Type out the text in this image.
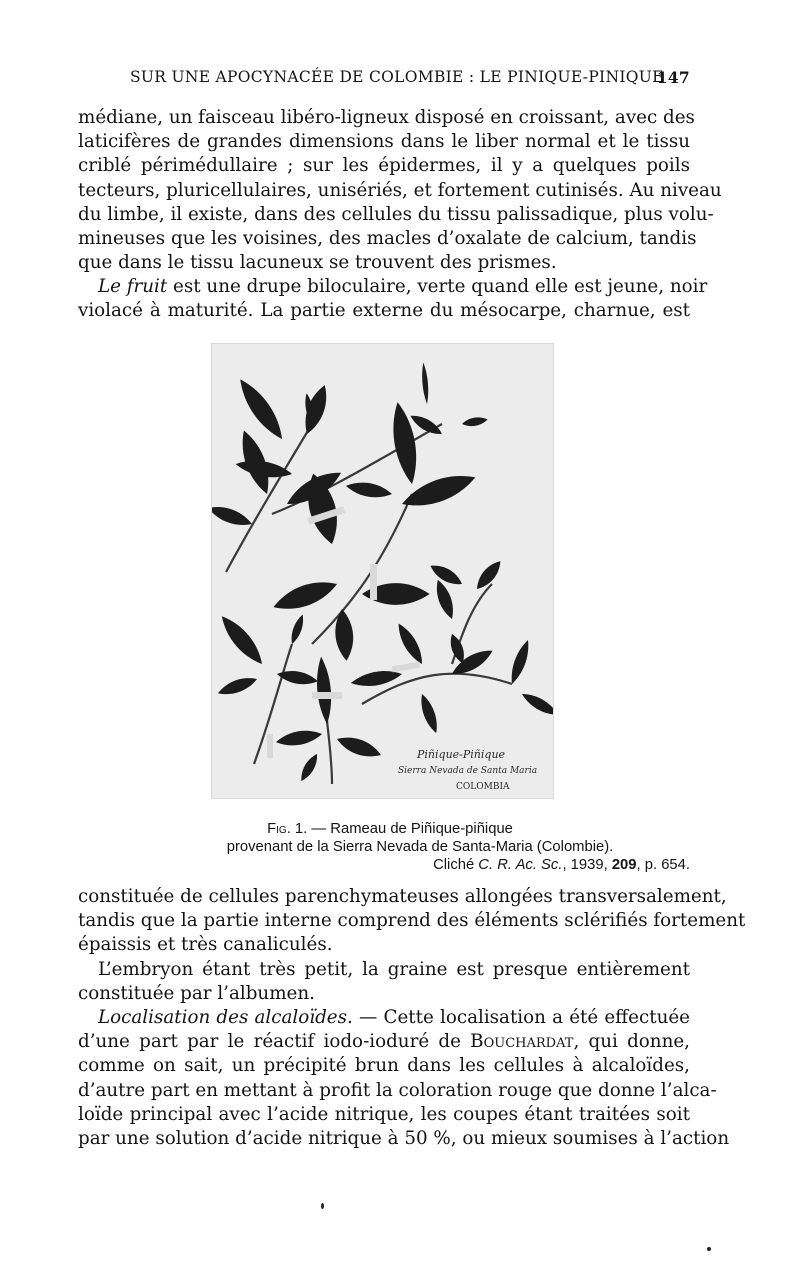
SUR UNE APOCYNACÉE DE COLOMBIE : LE PINIQUE-PINIQUE
147
médiane, un faisceau libéro-ligneux disposé en croissant, avec des
laticifères de grandes dimensions dans le liber normal et le tissu
criblé périmédullaire ; sur les épidermes, il y a quelques poils
tecteurs, pluricellulaires, unisériés, et fortement cutinisés. Au niveau
du limbe, il existe, dans des cellules du tissu palissadique, plus volu-
mineuses que les voisines, des macles d’oxalate de calcium, tandis
que dans le tissu lacuneux se trouvent des prismes.
Le fruit est une drupe biloculaire, verte quand elle est jeune, noir
violacé à maturité. La partie externe du mésocarpe, charnue, est
Piñique-Piñique
Sierra Nevada de Santa Maria
COLOMBIA
Fig. 1. — Rameau de Piñique-piñique
provenant de la Sierra Nevada de Santa-Maria (Colombie).
Cliché C. R. Ac. Sc., 1939, 209, p. 654.
constituée de cellules parenchymateuses allongées transversalement,
tandis que la partie interne comprend des éléments sclérifiés fortement
épaissis et très canaliculés.
L’embryon étant très petit, la graine est presque entièrement
constituée par l’albumen.
Localisation des alcaloïdes. — Cette localisation a été effectuée
d’une part par le réactif iodo-ioduré de Bouchardat, qui donne,
comme on sait, un précipité brun dans les cellules à alcaloïdes,
d’autre part en mettant à profit la coloration rouge que donne l’alca-
loïde principal avec l’acide nitrique, les coupes étant traitées soit
par une solution d’acide nitrique à 50 %, ou mieux soumises à l’action
